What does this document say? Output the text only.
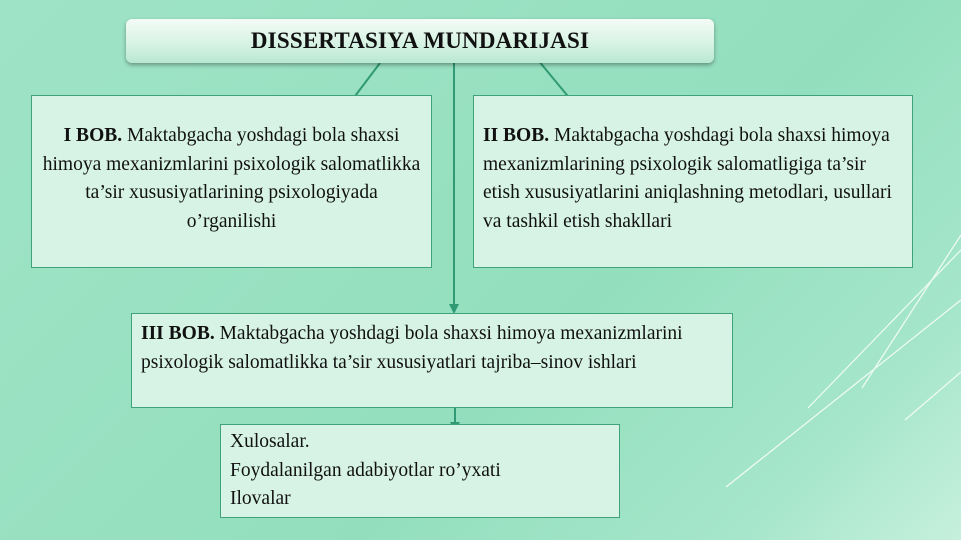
DISSERTASIYA MUNDARIJASI
I BOB. Maktabgacha yoshdagi bola shaxsi himoya mexanizmlarini psixologik salomatlikka ta’sir xususiyatlarining psixologiyada o’rganilishi
II BOB. Maktabgacha yoshdagi bola shaxsi himoya mexanizmlarining psixologik salomatligiga ta’sir etish xususiyatlarini aniqlashning metodlari, usullari va tashkil etish shakllari
III BOB. Maktabgacha yoshdagi bola shaxsi himoya mexanizmlarini psixologik salomatlikka ta’sir xususiyatlari tajriba–sinov ishlari
Xulosalar.
Foydalanilgan adabiyotlar ro’yxati
Ilovalar
